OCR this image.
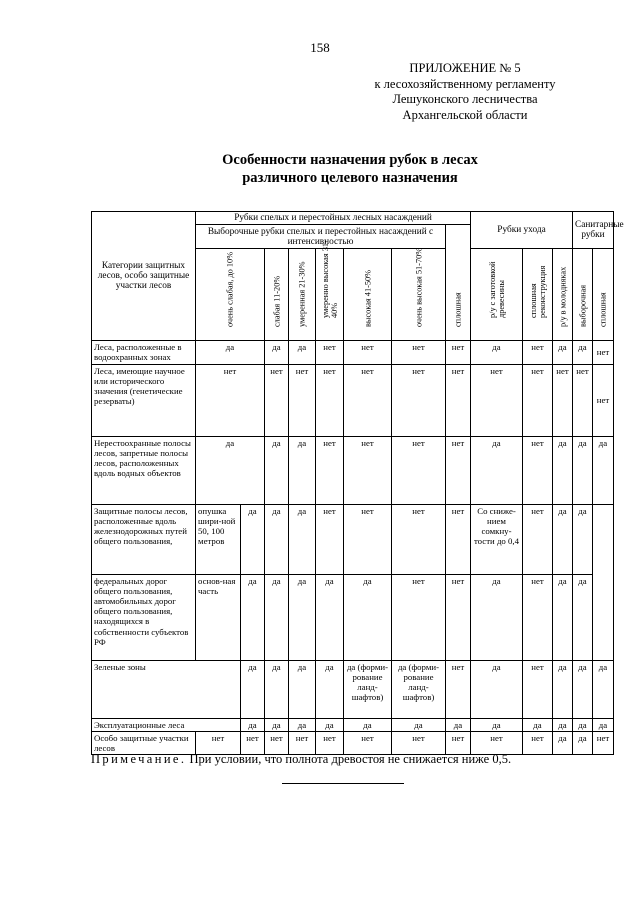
158
ПРИЛОЖЕНИЕ № 5
к лесохозяйственному регламенту
Лешуконского лесничества
Архангельской области
Особенности назначения рубок в лесах
различного целевого назначения
Категории защитных лесов, особо защитные участки лесов	Рубки спелых и перестойных лесных насаждений								Рубки ухода			Санитарные рубки	
	Выборочные рубки спелых и перестойных насаждений с интенсивностью							сплошная					

	очень слабая, до 10%		слабая 11-20%	умеренная 21-30%	умеренно высокая 31-40%	высокая 41-50%	очень высокая 51-70%		р/у с заготовкой древесины	сплошная реконструкция	р/у в молодняках	выборочная	сплошная

Леса, расположенные в водоохранных зонах	да		да	да	нет	нет	нет	нет	да	нет	да	да	нет
Леса, имеющие научное или исторического значения (генетические резерваты)	нет		нет	нет	нет	нет	нет	нет	нет	нет	нет	нет	нет
Нерестоохранные полосы лесов, запретные полосы лесов, расположенных вдоль водных объектов	да		да	да	нет	нет	нет	нет	да	нет	да	да	да
Защитные полосы лесов, расположенные вдоль железнодорожных путей общего пользования,	опушка шири-ной 50, 100 метров	да	да	да	нет	нет	нет	нет	Со сниже-нием сомкну-тости до 0,4	нет	да	да	
федеральных дорог общего пользования, автомобильных дорог общего пользования, находящихся в собственности субъектов РФ	основ-ная часть	да	да	да	да	да	нет	нет	да	нет	да	да	
Зеленые зоны		да	да	да	да	да (форми-рование ланд-шафтов)	да (форми-рование ланд-шафтов)	нет	да	нет	да	да	да
Эксплуатационные леса		да	да	да	да	да	да	да	да	да	да	да	да
Особо защитные участки лесов	нет	нет	нет	нет	нет	нет	нет	нет	нет	нет	да	да	нет
Примечание. При условии, что полнота древостоя не снижается ниже 0,5.
